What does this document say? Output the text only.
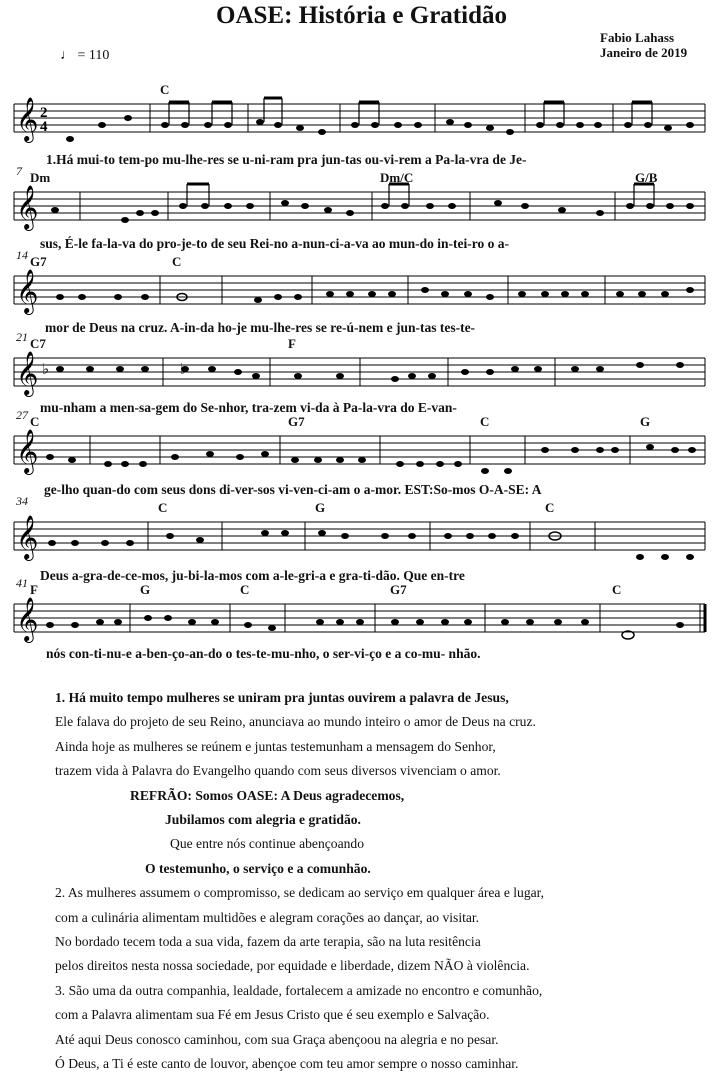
OASE: História e Gratidão
Fabio Lahass
Janeiro de 2019
♩ = 110
𝄞 2
4
C
1.Há mui-to tem-po mu-lhe-res se u-ni-ram pra jun-tas ou-vi-rem a Pa-la-vra de Je-
𝄞
7 Dm	Dm/C	G/B
sus, É-le fa-la-va do pro-je-to de seu Rei-no a-nun-ci-a-va ao mun-do in-tei-ro o a-
𝄞
14 G7	C
mor de Deus na cruz. A-in-da ho-je mu-lhe-res se re-ú-nem e jun-tas tes-te-
𝄞 ♭	♭
21 C7	F
mu-nham a men-sa-gem do Se-nhor, tra-zem vi-da à Pa-la-vra do E-van-
𝄞
27 C	G7	C	G
ge-lho quan-do com seus dons di-ver-sos vi-ven-ci-am o a-mor. EST:So-mos O-A-SE: A
𝄞
34	C	G	C
Deus a-gra-de-ce-mos, ju-bi-la-mos com a-le-gri-a e gra-ti-dão. Que en-tre
𝄞
41 F	G	C	G7	C
nós con-ti-nu-e a-ben-ço-an-do o tes-te-mu-nho, o ser-vi-ço e a co-mu- nhão.
1. Há muito tempo mulheres se uniram pra juntas ouvirem a palavra de Jesus,
Ele falava do projeto de seu Reino, anunciava ao mundo inteiro o amor de Deus na cruz.
Ainda hoje as mulheres se reúnem e juntas testemunham a mensagem do Senhor,
trazem vida à Palavra do Evangelho quando com seus diversos vivenciam o amor.
REFRÃO: Somos OASE: A Deus agradecemos,
Jubilamos com alegria e gratidão.
Que entre nós continue abençoando
O testemunho, o serviço e a comunhão.
2. As mulheres assumem o compromisso, se dedicam ao serviço em qualquer área e lugar,
com a culinária alimentam multidões e alegram corações ao dançar, ao visitar.
No bordado tecem toda a sua vida, fazem da arte terapia, são na luta resitência
pelos direitos nesta nossa sociedade, por equidade e liberdade, dizem NÃO à violência.
3. São uma da outra companhia, lealdade, fortalecem a amizade no encontro e comunhão,
com a Palavra alimentam sua Fé em Jesus Cristo que é seu exemplo e Salvação.
Até aqui Deus conosco caminhou, com sua Graça abençoou na alegria e no pesar.
Ó Deus, a Ti é este canto de louvor, abençoe com teu amor sempre o nosso caminhar.
